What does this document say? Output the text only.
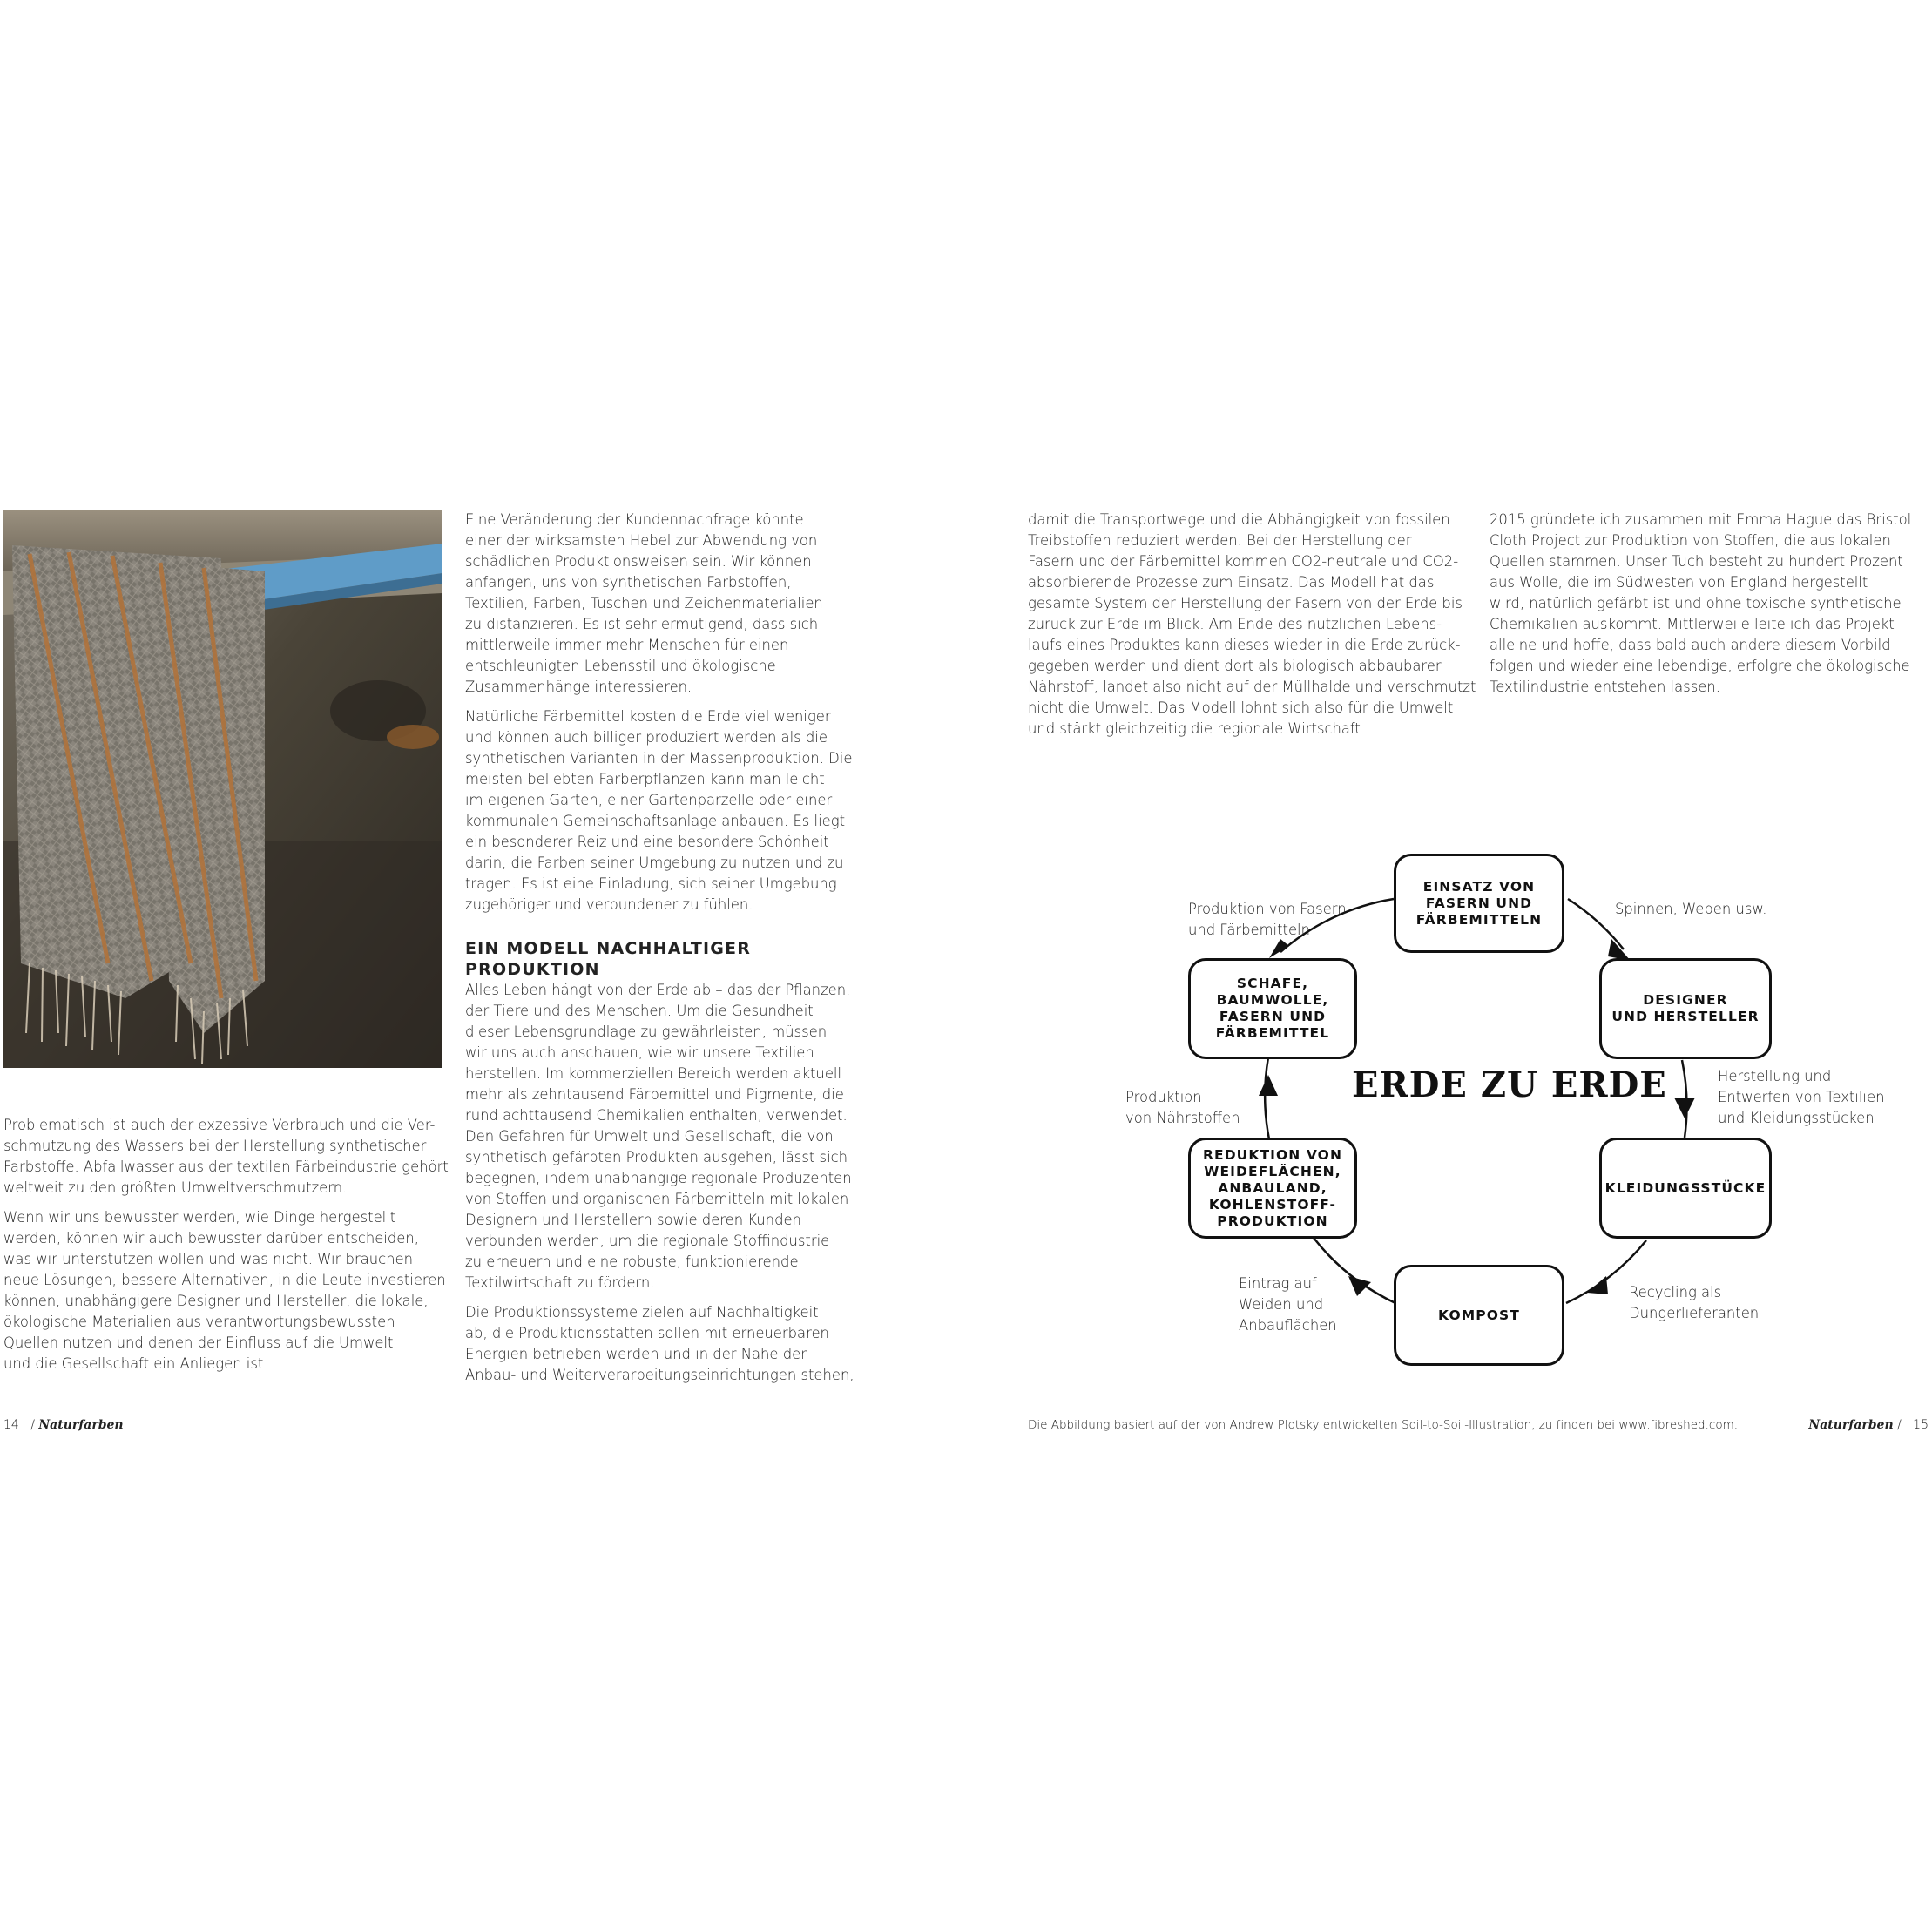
Problematisch ist auch der exzessive Verbrauch und die Ver-
schmutzung des Wassers bei der Herstellung synthetischer
Farbstoffe. Abfallwasser aus der textilen Färbeindustrie gehört
weltweit zu den größten Umweltverschmutzern.

Wenn wir uns bewusster werden, wie Dinge hergestellt
werden, können wir auch bewusster darüber entscheiden,
was wir unterstützen wollen und was nicht. Wir brauchen
neue Lösungen, bessere Alternativen, in die Leute investieren
können, unabhängigere Designer und Hersteller, die lokale,
ökologische Materialien aus verantwortungsbewussten
Quellen nutzen und denen der Einfluss auf die Umwelt
und die Gesellschaft ein Anliegen ist.

Eine Veränderung der Kundennachfrage könnte
einer der wirksamsten Hebel zur Abwendung von
schädlichen Produktionsweisen sein. Wir können
anfangen, uns von synthetischen Farbstoffen,
Textilien, Farben, Tuschen und Zeichenmaterialien
zu distanzieren. Es ist sehr ermutigend, dass sich
mittlerweile immer mehr Menschen für einen
entschleunigten Lebensstil und ökologische
Zusammenhänge interessieren.

Natürliche Färbemittel kosten die Erde viel weniger
und können auch billiger produziert werden als die
synthetischen Varianten in der Massenproduktion. Die
meisten beliebten Färberpflanzen kann man leicht
im eigenen Garten, einer Gartenparzelle oder einer
kommunalen Gemeinschaftsanlage anbauen. Es liegt
ein besonderer Reiz und eine besondere Schönheit
darin, die Farben seiner Umgebung zu nutzen und zu
tragen. Es ist eine Einladung, sich seiner Umgebung
zugehöriger und verbundener zu fühlen.

EIN MODELL NACHHALTIGER
PRODUKTION

Alles Leben hängt von der Erde ab – das der Pflanzen,
der Tiere und des Menschen. Um die Gesundheit
dieser Lebensgrundlage zu gewährleisten, müssen
wir uns auch anschauen, wie wir unsere Textilien
herstellen. Im kommerziellen Bereich werden aktuell
mehr als zehntausend Färbemittel und Pigmente, die
rund achttausend Chemikalien enthalten, verwendet.
Den Gefahren für Umwelt und Gesellschaft, die von
synthetisch gefärbten Produkten ausgehen, lässt sich
begegnen, indem unabhängige regionale Produzenten
von Stoffen und organischen Färbemitteln mit lokalen
Designern und Herstellern sowie deren Kunden
verbunden werden, um die regionale Stoffindustrie
zu erneuern und eine robuste, funktionierende
Textilwirtschaft zu fördern.

Die Produktionssysteme zielen auf Nachhaltigkeit
ab, die Produktionsstätten sollen mit erneuerbaren
Energien betrieben werden und in der Nähe der
Anbau- und Weiterverarbeitungseinrichtungen stehen,

damit die Transportwege und die Abhängigkeit von fossilen
Treibstoffen reduziert werden. Bei der Herstellung der
Fasern und der Färbemittel kommen CO2-neutrale und CO2-
absorbierende Prozesse zum Einsatz. Das Modell hat das
gesamte System der Herstellung der Fasern von der Erde bis
zurück zur Erde im Blick. Am Ende des nützlichen Lebens-
laufs eines Produktes kann dieses wieder in die Erde zurück-
gegeben werden und dient dort als biologisch abbaubarer
Nährstoff, landet also nicht auf der Müllhalde und verschmutzt
nicht die Umwelt. Das Modell lohnt sich also für die Umwelt
und stärkt gleichzeitig die regionale Wirtschaft.

2015 gründete ich zusammen mit Emma Hague das Bristol
Cloth Project zur Produktion von Stoffen, die aus lokalen
Quellen stammen. Unser Tuch besteht zu hundert Prozent
aus Wolle, die im Südwesten von England hergestellt
wird, natürlich gefärbt ist und ohne toxische synthetische
Chemikalien auskommt. Mittlerweile leite ich das Projekt
alleine und hoffe, dass bald auch andere diesem Vorbild
folgen und wieder eine lebendige, erfolgreiche ökologische
Textilindustrie entstehen lassen.

EINSATZ VON
FASERN UND
FÄRBEMITTELN
DESIGNER
UND HERSTELLER
KLEIDUNGSSTÜCKE
KOMPOST
REDUKTION VON
WEIDEFLÄCHEN,
ANBAULAND,
KOHLENSTOFF-
PRODUKTION
SCHAFE,
BAUMWOLLE,
FASERN UND
FÄRBEMITTEL
ERDE ZU ERDE
Spinnen, Weben usw.
Herstellung und
Entwerfen von Textilien
und Kleidungsstücken
Recycling als
Düngerlieferanten
Eintrag auf
Weiden und
Anbauflächen
Produktion
von Nährstoffen
Produktion von Fasern
und Färbemitteln
14 / Naturfarben	Die Abbildung basiert auf der von Andrew Plotsky entwickelten Soil-to-Soil-Illustration, zu finden bei www.fibreshed.com.	Naturfarben / 15
